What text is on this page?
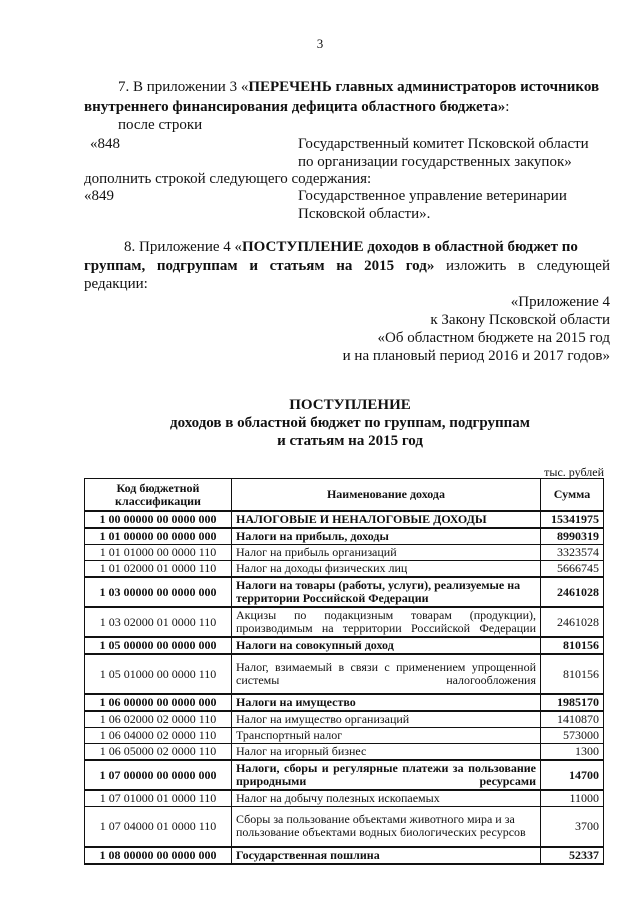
3
7. В приложении 3 «ПЕРЕЧЕНЬ главных администраторов источников
внутреннего финансирования дефицита областного бюджета»:
после строки
«848	Государственный комитет Псковской области
по организации государственных закупок»
дополнить строкой следующего содержания:
«849	Государственное управление ветеринарии
Псковской области».
8. Приложение 4 «ПОСТУПЛЕНИЕ доходов в областной бюджет по
группам, подгруппам и статьям на 2015 год» изложить в следующей
редакции:
«Приложение 4
к Закону Псковской области
«Об областном бюджете на 2015 год
и на плановый период 2016 и 2017 годов»
ПОСТУПЛЕНИЕ
доходов в областной бюджет по группам, подгруппам
и статьям на 2015 год
тыс. рублей
Код бюджетной классификации	Наименование дохода	Сумма
1 00 00000 00 0000 000	НАЛОГОВЫЕ И НЕНАЛОГОВЫЕ ДОХОДЫ	15341975
1 01 00000 00 0000 000	Налоги на прибыль, доходы	8990319
1 01 01000 00 0000 110	Налог на прибыль организаций	3323574
1 01 02000 01 0000 110	Налог на доходы физических лиц	5666745
1 03 00000 00 0000 000	Налоги на товары (работы, услуги), реализуемые на территории Российской Федерации	2461028
1 03 02000 01 0000 110	Акцизы по подакцизным товарам (продукции), производимым на территории Российской Федерации	2461028
1 05 00000 00 0000 000	Налоги на совокупный доход	810156
1 05 01000 00 0000 110	Налог, взимаемый в связи с применением упрощенной системы налогообложения	810156
1 06 00000 00 0000 000	Налоги на имущество	1985170
1 06 02000 02 0000 110	Налог на имущество организаций	1410870
1 06 04000 02 0000 110	Транспортный налог	573000
1 06 05000 02 0000 110	Налог на игорный бизнес	1300
1 07 00000 00 0000 000	Налоги, сборы и регулярные платежи за пользование природными ресурсами	14700
1 07 01000 01 0000 110	Налог на добычу полезных ископаемых	11000
1 07 04000 01 0000 110	Сборы за пользование объектами животного мира и за пользование объектами водных биологических ресурсов	3700
1 08 00000 00 0000 000	Государственная пошлина	52337
